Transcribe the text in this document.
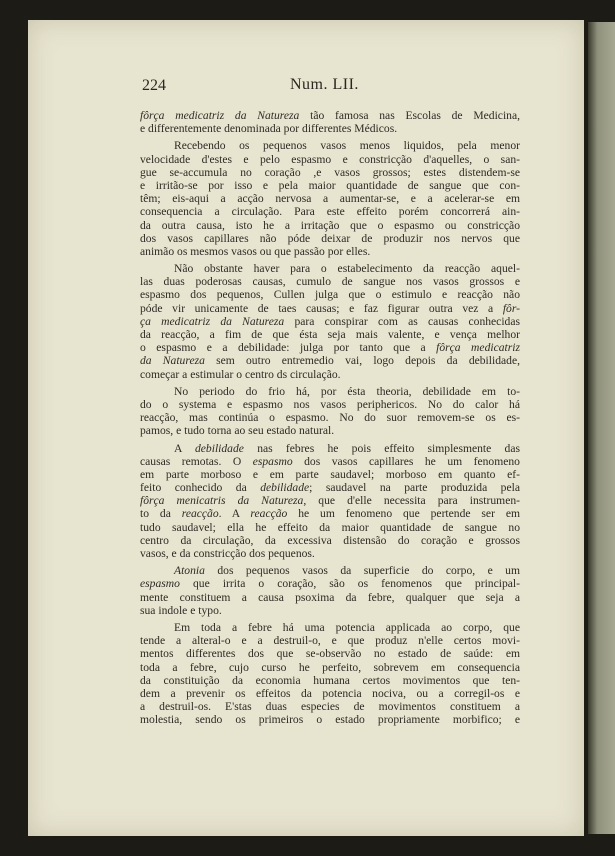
224	Num. LII.
fôrça medicatriz da Natureza tão famosa nas Escolas de Medicina,
e differentemente denominada por differentes Médicos.
Recebendo os pequenos vasos menos liquidos, pela menor
velocidade d'estes e pelo espasmo e constricção d'aquelles, o san-
gue se-accumula no coração ,e vasos grossos; estes distendem-se
e irritão-se por isso e pela maior quantidade de sangue que con-
têm; eis-aqui a acção nervosa a aumentar-se, e a acelerar-se em
consequencia a circulação. Para este effeito porém concorrerá ain-
da outra causa, isto he a irritação que o espasmo ou constricção
dos vasos capillares não póde deixar de produzir nos nervos que
animão os mesmos vasos ou que passão por elles.
Não obstante haver para o estabelecimento da reacção aquel-
las duas poderosas causas, cumulo de sangue nos vasos grossos e
espasmo dos pequenos, Cullen julga que o estimulo e reacção não
póde vir unicamente de taes causas; e faz figurar outra vez a fôr-
ça medicatriz da Natureza para conspirar com as causas conhecidas
da reacção, a fim de que ésta seja mais valente, e vença melhor
o espasmo e a debilidade: julga por tanto que a fôrça medicatriz
da Natureza sem outro entremedio vai, logo depois da debilidade,
começar a estimular o centro ds circulação.
No periodo do frio há, por ésta theoria, debilidade em to-
do o systema e espasmo nos vasos periphericos. No do calor há
reacção, mas continúa o espasmo. No do suor removem-se os es-
pamos, e tudo torna ao seu estado natural.
A debilidade nas febres he pois effeito simplesmente das
causas remotas. O espasmo dos vasos capillares he um fenomeno
em parte morboso e em parte saudavel; morboso em quanto ef-
feito conhecido da debilidade; saudavel na parte produzida pela
fôrça menicatris da Natureza, que d'elle necessita para instrumen-
to da reacção. A reacção he um fenomeno que pertende ser em
tudo saudavel; ella he effeito da maior quantidade de sangue no
centro da circulação, da excessiva distensão do coração e grossos
vasos, e da constricção dos pequenos.
Atonia dos pequenos vasos da superficie do corpo, e um
espasmo que irrita o coração, são os fenomenos que principal-
mente constituem a causa psoxima da febre, qualquer que seja a
sua indole e typo.
Em toda a febre há uma potencia applicada ao corpo, que
tende a alteral-o e a destruil-o, e que produz n'elle certos movi-
mentos differentes dos que se-observão no estado de saúde: em
toda a febre, cujo curso he perfeito, sobrevem em consequencia
da constituição da economia humana certos movimentos que ten-
dem a prevenir os effeitos da potencia nociva, ou a corregil-os e
a destruil-os. E'stas duas especies de movimentos constituem a
molestia, sendo os primeiros o estado propriamente morbifico; e
